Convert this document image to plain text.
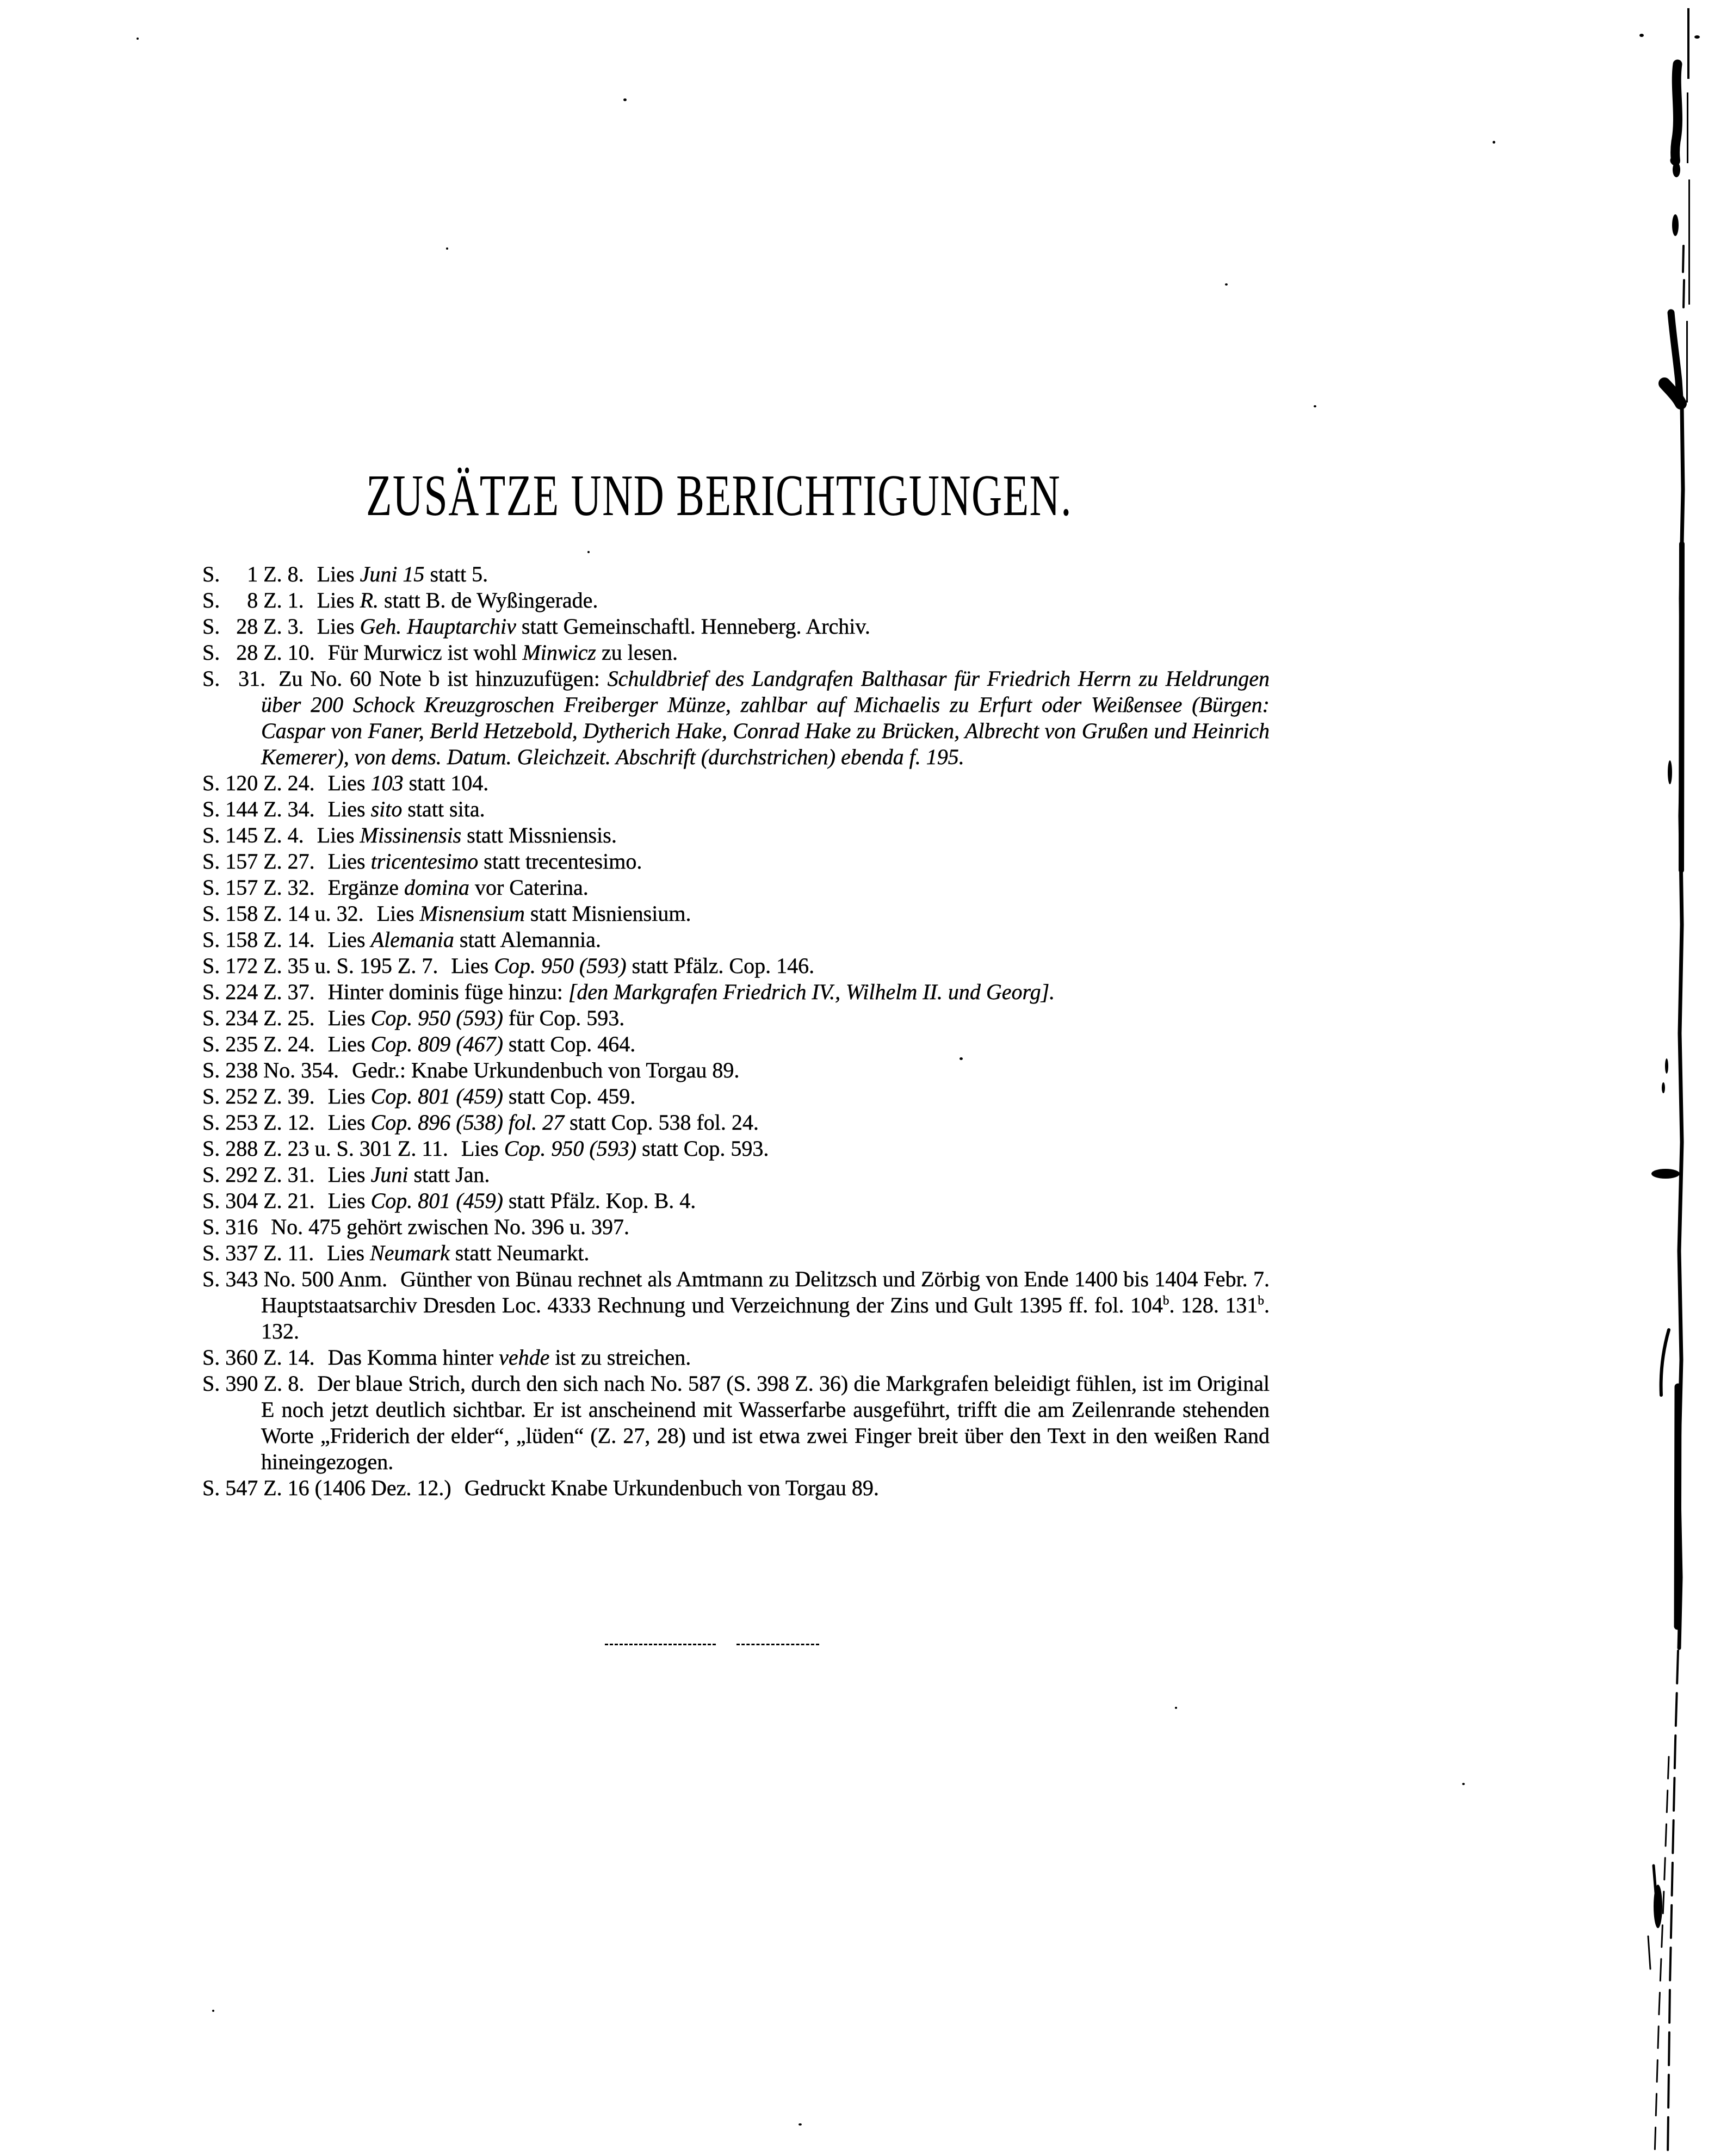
ZUSÄTZE UND BERICHTIGUNGEN.

S.   1 Z. 8. Lies Juni 15 statt 5.

S.   8 Z. 1. Lies R. statt B. de Wyßingerade.

S.  28 Z. 3. Lies Geh. Hauptarchiv statt Gemeinschaftl. Henneberg. Archiv.

S.  28 Z. 10. Für Murwicz ist wohl Minwicz zu lesen.

S.  31. Zu No. 60 Note b ist hinzuzufügen: Schuldbrief des Landgrafen Balthasar für Friedrich Herrn zu Heldrungen über 200 Schock Kreuzgroschen Freiberger Münze, zahlbar auf Michaelis zu Erfurt oder Weißensee (Bürgen: Caspar von Faner, Berld Hetzebold, Dytherich Hake, Conrad Hake zu Brücken, Albrecht von Grußen und Heinrich Kemerer), von dems. Datum. Gleichzeit. Abschrift (durchstrichen) ebenda f. 195.

S. 120 Z. 24. Lies 103 statt 104.

S. 144 Z. 34. Lies sito statt sita.

S. 145 Z. 4. Lies Missinensis statt Missniensis.

S. 157 Z. 27. Lies tricentesimo statt trecentesimo.

S. 157 Z. 32. Ergänze domina vor Caterina.

S. 158 Z. 14 u. 32. Lies Misnensium statt Misniensium.

S. 158 Z. 14. Lies Alemania statt Alemannia.

S. 172 Z. 35 u. S. 195 Z. 7. Lies Cop. 950 (593) statt Pfälz. Cop. 146.

S. 224 Z. 37. Hinter dominis füge hinzu: [den Markgrafen Friedrich IV., Wilhelm II. und Georg].

S. 234 Z. 25. Lies Cop. 950 (593) für Cop. 593.

S. 235 Z. 24. Lies Cop. 809 (467) statt Cop. 464.

S. 238 No. 354. Gedr.: Knabe Urkundenbuch von Torgau 89.

S. 252 Z. 39. Lies Cop. 801 (459) statt Cop. 459.

S. 253 Z. 12. Lies Cop. 896 (538) fol. 27 statt Cop. 538 fol. 24.

S. 288 Z. 23 u. S. 301 Z. 11. Lies Cop. 950 (593) statt Cop. 593.

S. 292 Z. 31. Lies Juni statt Jan.

S. 304 Z. 21. Lies Cop. 801 (459) statt Pfälz. Kop. B. 4.

S. 316 No. 475 gehört zwischen No. 396 u. 397.

S. 337 Z. 11. Lies Neumark statt Neumarkt.

S. 343 No. 500 Anm. Günther von Bünau rechnet als Amtmann zu Delitzsch und Zörbig von Ende 1400 bis 1404 Febr. 7. Hauptstaatsarchiv Dresden Loc. 4333 Rechnung und Verzeichnung der Zins und Gult 1395 ff. fol. 104$^b$. 128. 131$^b$. 132.

S. 360 Z. 14. Das Komma hinter vehde ist zu streichen.

S. 390 Z. 8. Der blaue Strich, durch den sich nach No. 587 (S. 398 Z. 36) die Markgrafen beleidigt fühlen, ist im Original E noch jetzt deutlich sichtbar. Er ist anscheinend mit Wasserfarbe ausgeführt, trifft die am Zeilenrande stehenden Worte „Friderich der elder“, „lüden“ (Z. 27, 28) und ist etwa zwei Finger breit über den Text in den weißen Rand hineingezogen.

S. 547 Z. 16 (1406 Dez. 12.) Gedruckt Knabe Urkundenbuch von Torgau 89.
